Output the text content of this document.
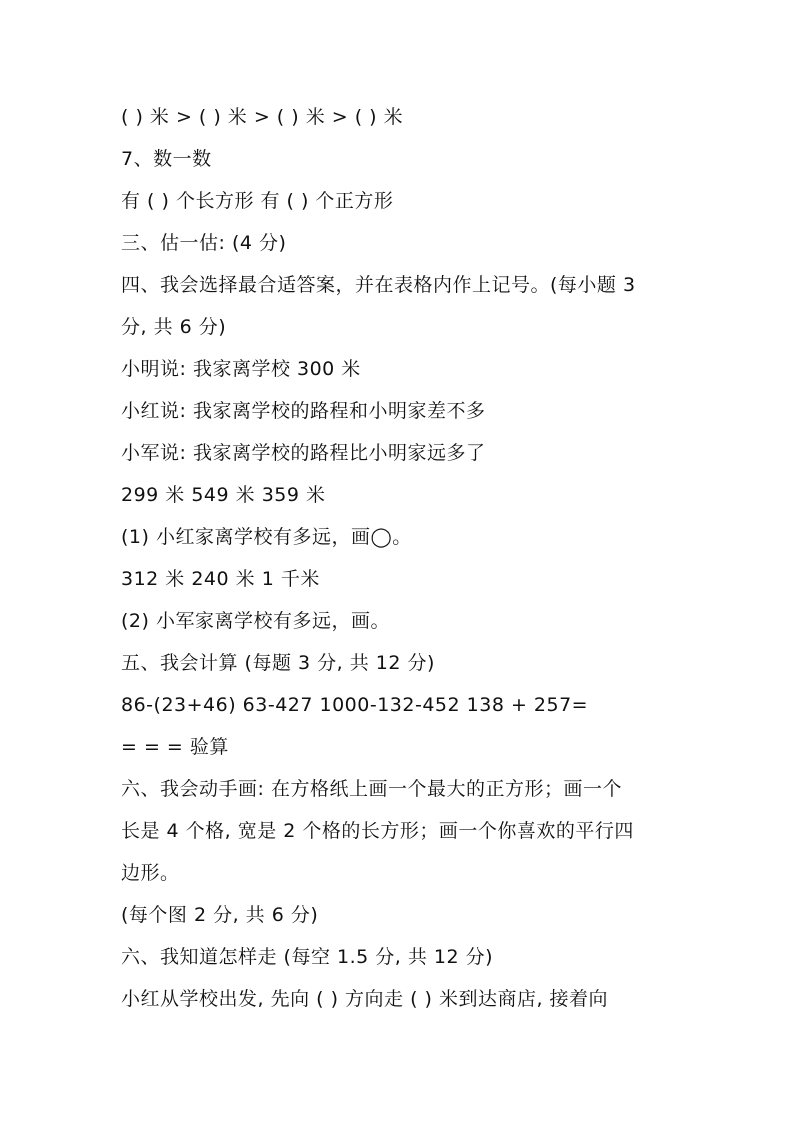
( ) 米 > ( ) 米 > ( ) 米 > ( ) 米

7、数一数

有 ( ) 个长方形 有 ( ) 个正方形

三、估一估: (4 分)

四、我会选择最合适答案，并在表格内作上记号。(每小题 3

分, 共 6 分)

小明说: 我家离学校 300 米

小红说: 我家离学校的路程和小明家差不多

小军说: 我家离学校的路程比小明家远多了

299 米 549 米 359 米

(1) 小红家离学校有多远，画◯。

312 米 240 米 1 千米

(2) 小军家离学校有多远，画。

五、我会计算 (每题 3 分, 共 12 分)

86-(23+46) 63-427 1000-132-452 138 + 257=

= = = 验算

六、我会动手画: 在方格纸上画一个最大的正方形；画一个

长是 4 个格, 宽是 2 个格的长方形；画一个你喜欢的平行四

边形。

(每个图 2 分, 共 6 分)

六、我知道怎样走 (每空 1.5 分, 共 12 分)

小红从学校出发, 先向 ( ) 方向走 ( ) 米到达商店, 接着向
